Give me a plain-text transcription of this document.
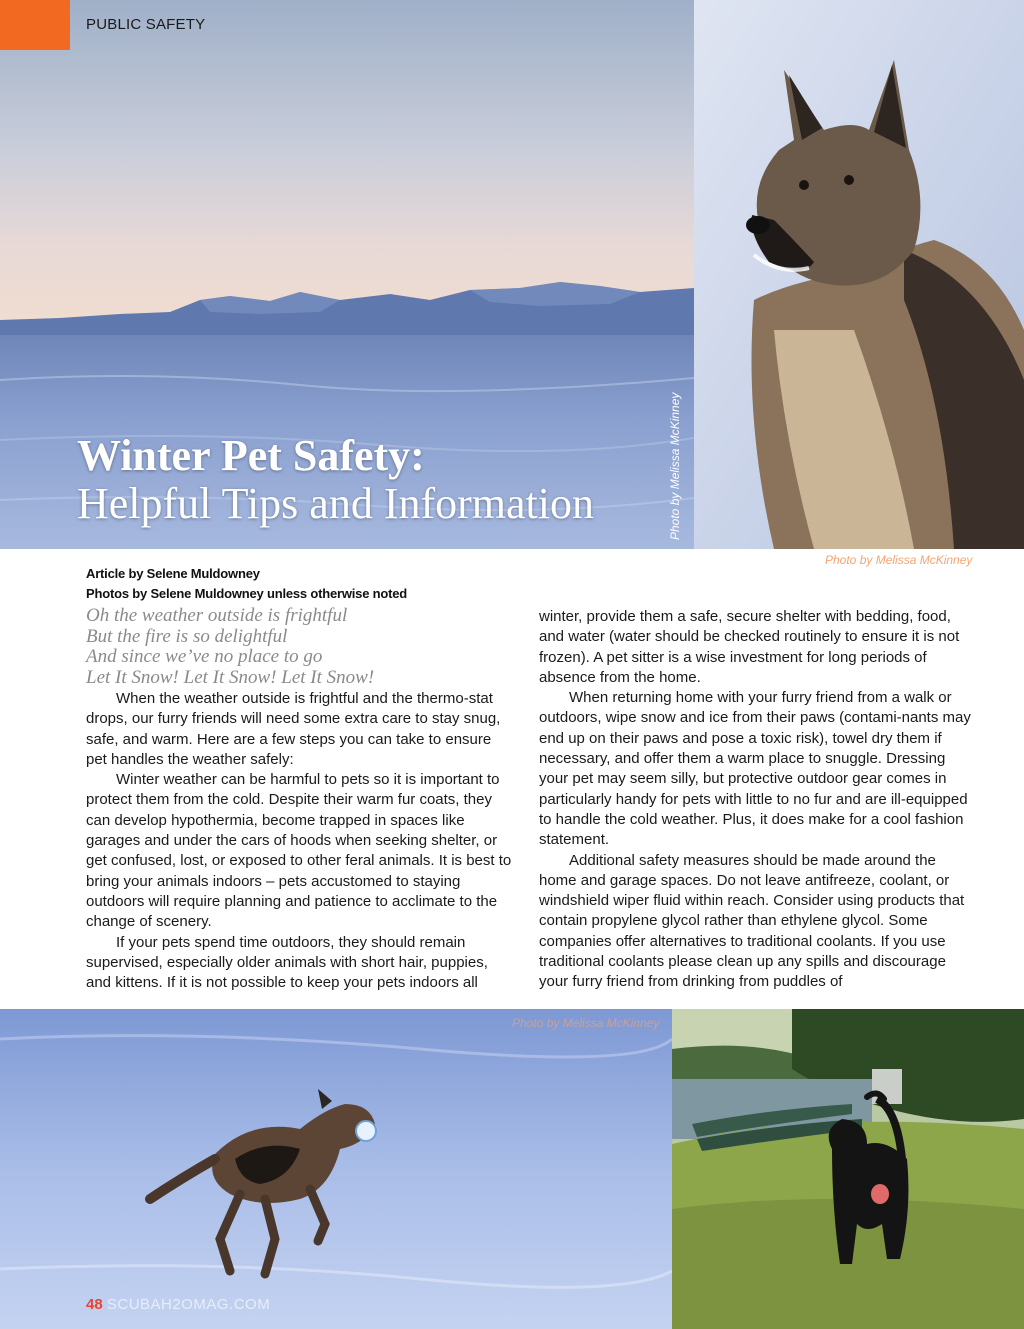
PUBLIC SAFETY
Winter Pet Safety:
Helpful Tips and Information	Photo by Melissa McKinney
Photo by Melissa McKinney
Article by Selene Muldowney
Photos by Selene Muldowney unless otherwise noted
Oh the weather outside is frightful
But the fire is so delightful
And since we’ve no place to go
Let It Snow! Let It Snow! Let It Snow!

When the weather outside is frightful and the thermo-stat drops, our furry friends will need some extra care to stay snug, safe, and warm. Here are a few steps you can take to ensure pet handles the weather safely:

Winter weather can be harmful to pets so it is important to protect them from the cold. Despite their warm fur coats, they can develop hypothermia, become trapped in spaces like garages and under the cars of hoods when seeking shelter, or get confused, lost, or exposed to other feral animals. It is best to bring your animals indoors – pets accustomed to staying outdoors will require planning and patience to acclimate to the change of scenery.

If your pets spend time outdoors, they should remain supervised, especially older animals with short hair, puppies, and kittens. If it is not possible to keep your pets indoors all

winter, provide them a safe, secure shelter with bedding, food, and water (water should be checked routinely to ensure it is not frozen). A pet sitter is a wise investment for long periods of absence from the home.

When returning home with your furry friend from a walk or outdoors, wipe snow and ice from their paws (contami-nants may end up on their paws and pose a toxic risk), towel dry them if necessary, and offer them a warm place to snuggle. Dressing your pet may seem silly, but protective outdoor gear comes in particularly handy for pets with little to no fur and are ill-equipped to handle the cold weather. Plus, it does make for a cool fashion statement.

Additional safety measures should be made around the home and garage spaces. Do not leave antifreeze, coolant, or windshield wiper fluid within reach. Consider using products that contain propylene glycol rather than ethylene glycol. Some companies offer alternatives to traditional coolants. If you use traditional coolants please clean up any spills and discourage your furry friend from drinking from puddles of

Photo by Melissa McKinney
48 SCUBAH2OMAG.COM
